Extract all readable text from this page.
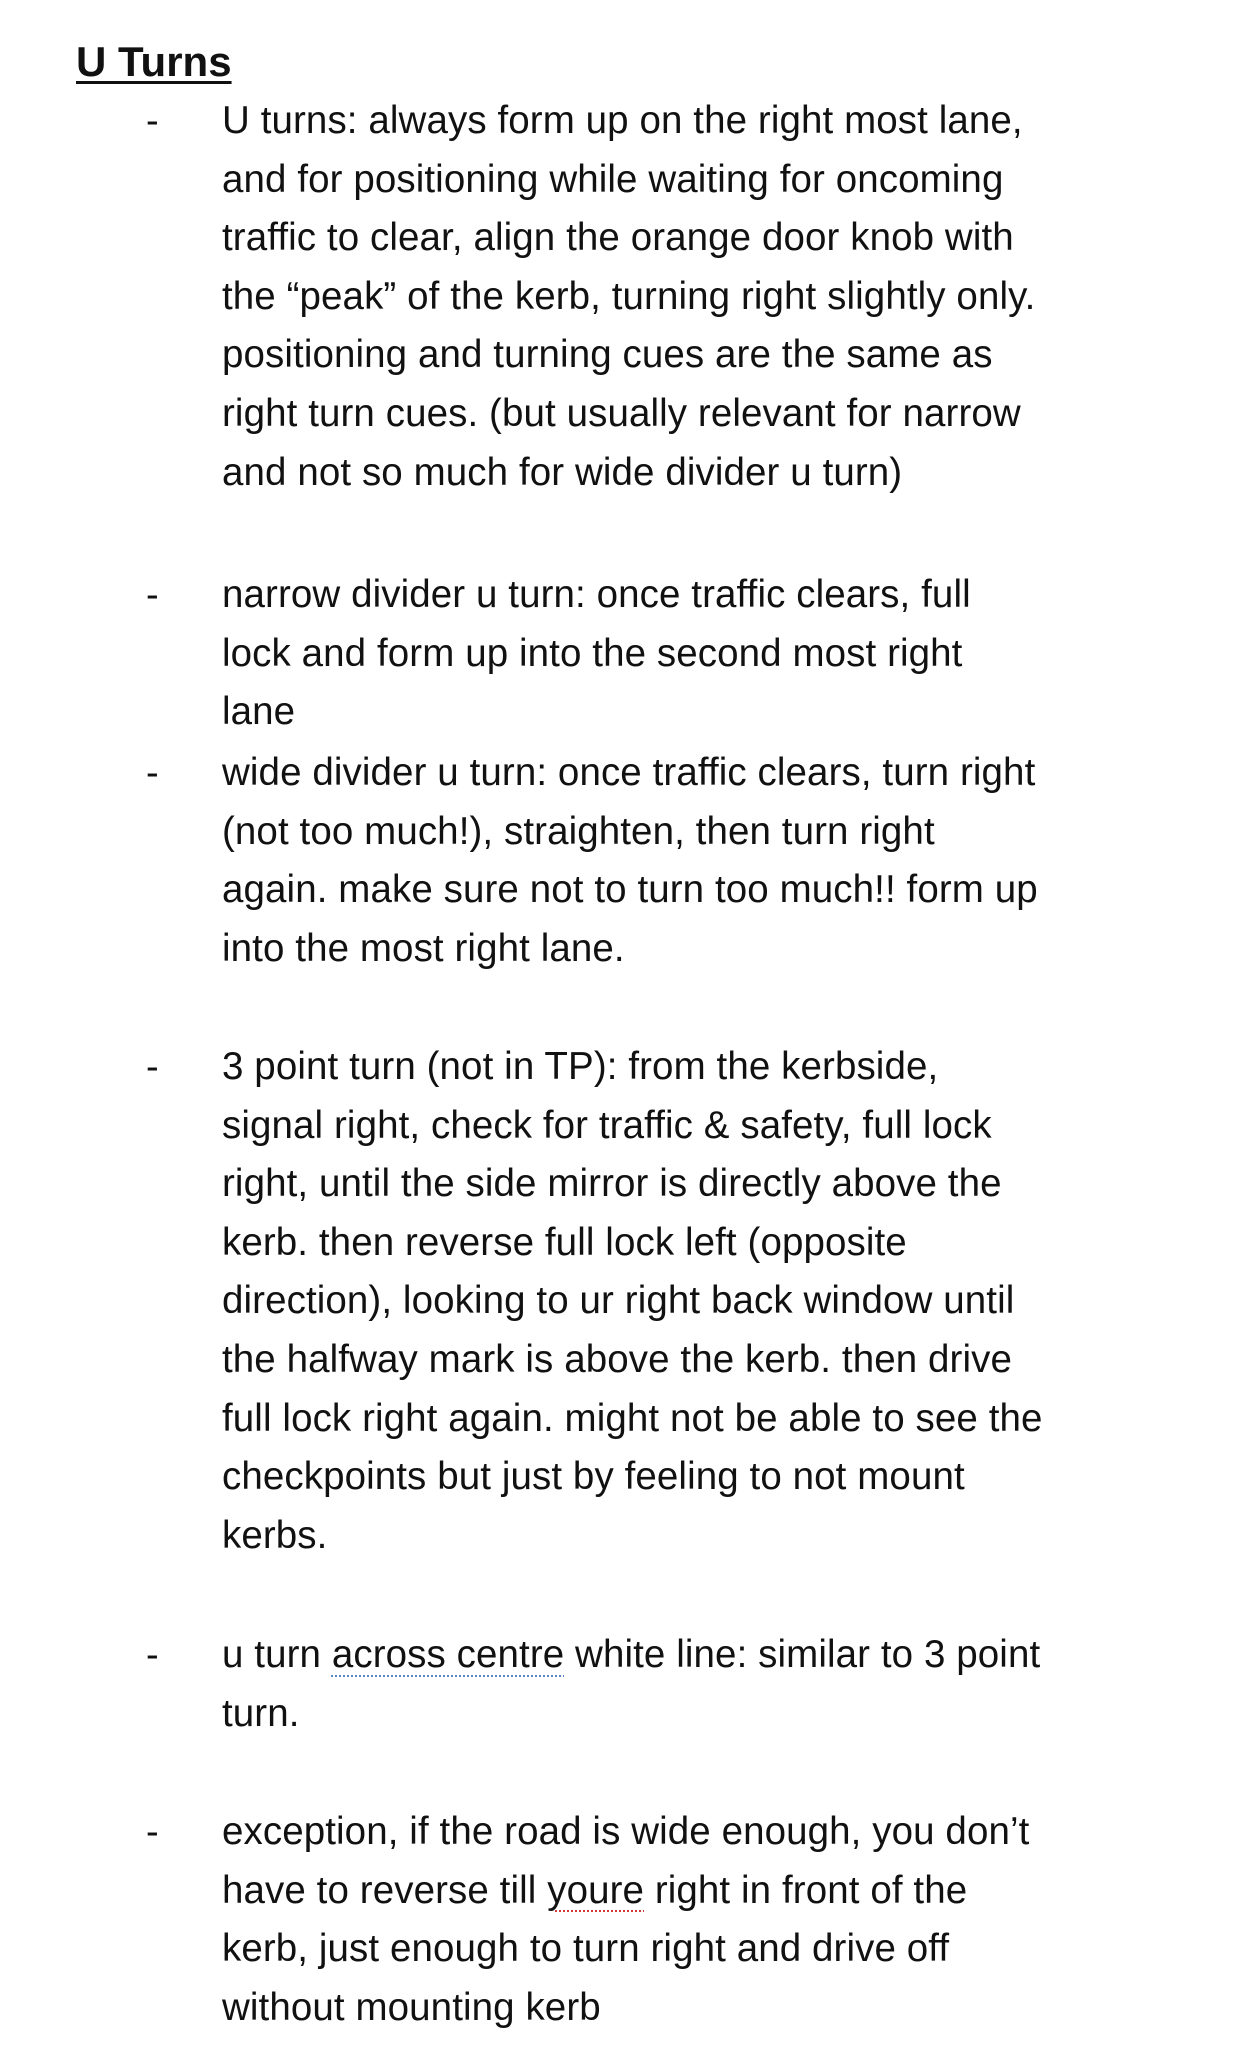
U Turns
- U turns: always form up on the right most lane,
and for positioning while waiting for oncoming
traffic to clear, align the orange door knob with
the “peak” of the kerb, turning right slightly only.
positioning and turning cues are the same as
right turn cues. (but usually relevant for narrow
and not so much for wide divider u turn)
- narrow divider u turn: once traffic clears, full
lock and form up into the second most right
lane
- wide divider u turn: once traffic clears, turn right
(not too much!), straighten, then turn right
again. make sure not to turn too much!! form up
into the most right lane.
- 3 point turn (not in TP): from the kerbside,
signal right, check for traffic & safety, full lock
right, until the side mirror is directly above the
kerb. then reverse full lock left (opposite
direction), looking to ur right back window until
the halfway mark is above the kerb. then drive
full lock right again. might not be able to see the
checkpoints but just by feeling to not mount
kerbs.
- u turn across centre white line: similar to 3 point
turn.
- exception, if the road is wide enough, you don’t
have to reverse till youre right in front of the
kerb, just enough to turn right and drive off
without mounting kerb
